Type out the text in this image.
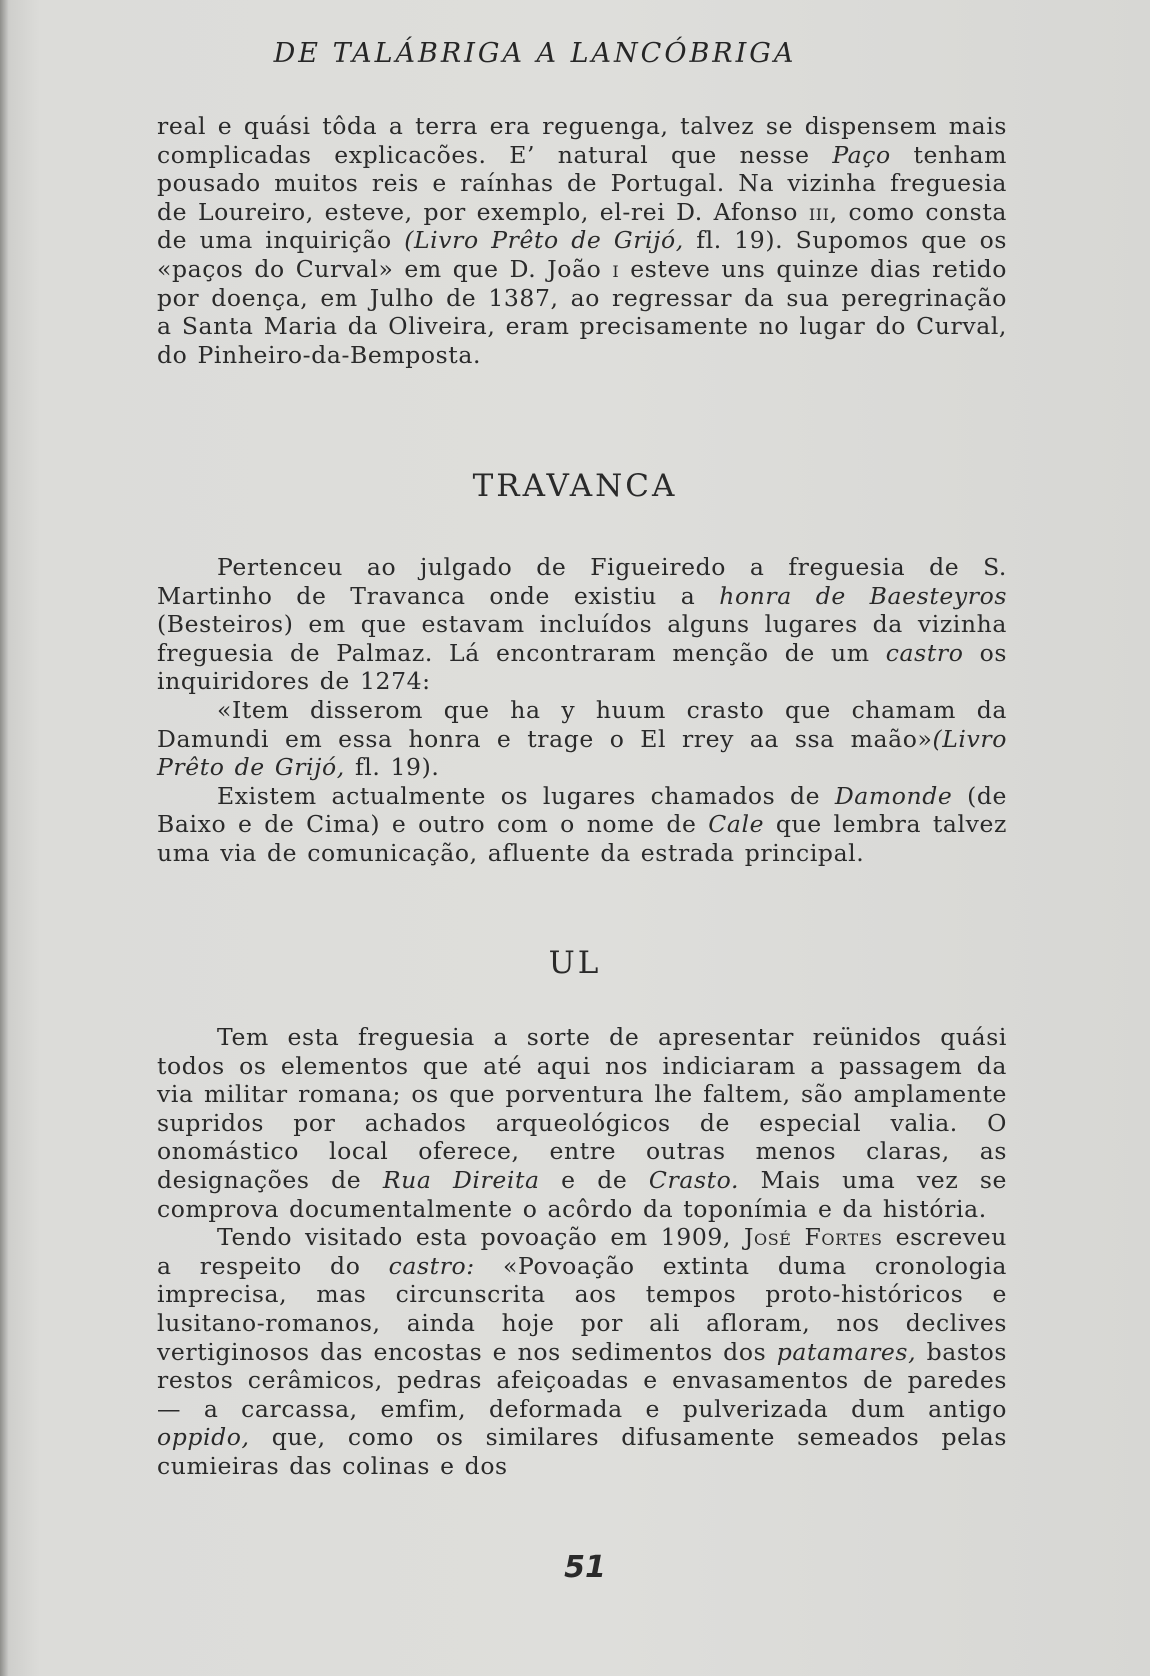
DE TALÁBRIGA A LANCÓBRIGA

real e quási tôda a terra era reguenga, talvez se dispensem mais complicadas explicacões. E’ natural que nesse Paço tenham pousado muitos reis e raínhas de Portugal. Na vizinha freguesia de Loureiro, esteve, por exemplo, el-rei D. Afonso iii, como consta de uma inquirição (Livro Prêto de Grijó, fl. 19). Supomos que os «paços do Curval» em que D. João i esteve uns quinze dias retido por doença, em Julho de 1387, ao regressar da sua peregrinação a Santa Maria da Oliveira, eram precisamente no lugar do Curval, do Pinheiro-da-Bemposta.

TRAVANCA

Pertenceu ao julgado de Figueiredo a freguesia de S. Martinho de Travanca onde existiu a honra de Baesteyros (Besteiros) em que estavam incluídos alguns lugares da vizinha freguesia de Palmaz. Lá encontraram menção de um castro os inquiridores de 1274:

«Item disserom que ha y huum crasto que chamam da Damundi em essa honra e trage o El rrey aa ssa maão»(Livro Prêto de Grijó, fl. 19).

Existem actualmente os lugares chamados de Damonde (de Baixo e de Cima) e outro com o nome de Cale que lembra talvez uma via de comunicação, afluente da estrada principal.

UL

Tem esta freguesia a sorte de apresentar reünidos quási todos os elementos que até aqui nos indiciaram a passagem da via militar romana; os que porventura lhe faltem, são amplamente supridos por achados arqueológicos de especial valia. O onomástico local oferece, entre outras menos claras, as designações de Rua Direita e de Crasto. Mais uma vez se comprova documentalmente o acôrdo da toponímia e da história.

Tendo visitado esta povoação em 1909, José Fortes escreveu a respeito do castro: «Povoação extinta duma cronologia imprecisa, mas circunscrita aos tempos proto-históricos e lusitano-romanos, ainda hoje por ali afloram, nos declives vertiginosos das encostas e nos sedimentos dos patamares, bastos restos cerâmicos, pedras afeiçoadas e envasamentos de paredes — a carcassa, emfim, deformada e pulverizada dum antigo oppido, que, como os similares difusamente semeados pelas cumieiras das colinas e dos

51
